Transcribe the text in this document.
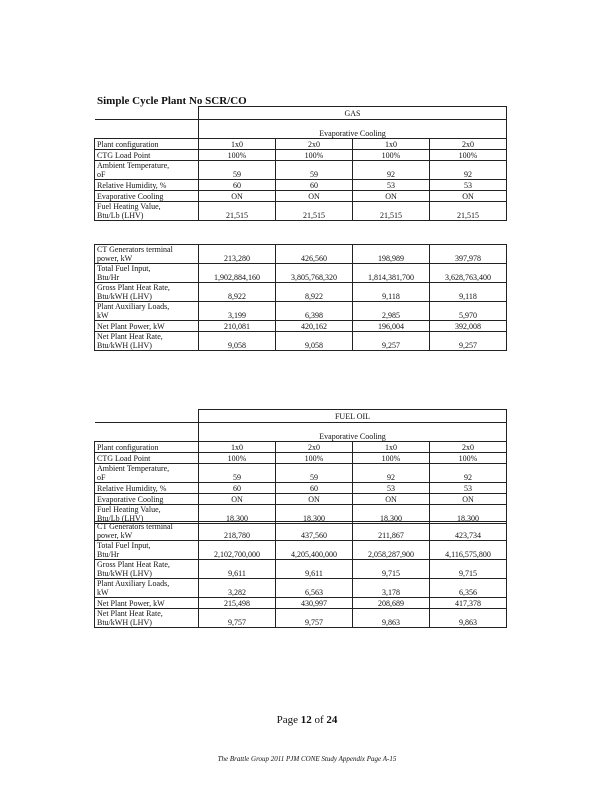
Simple Cycle Plant No SCR/CO
	GAS			
	Evaporative Cooling			
Plant configuration	1x0	2x0	1x0	2x0
CTG Load Point	100%	100%	100%	100%
Ambient Temperature,
oF	59	59	92	92
Relative Humidity, %	60	60	53	53
Evaporative Cooling	ON	ON	ON	ON
Fuel Heating Value,
Btu/Lb (LHV)	21,515	21,515	21,515	21,515
CT Generators terminal
power, kW	213,280	426,560	198,989	397,978
Total Fuel Input,
Btu/Hr	1,902,884,160	3,805,768,320	1,814,381,700	3,628,763,400
Gross Plant Heat Rate,
Btu/kWH (LHV)	8,922	8,922	9,118	9,118
Plant Auxiliary Loads,
kW	3,199	6,398	2,985	5,970
Net Plant Power, kW	210,081	420,162	196,004	392,008
Net Plant Heat Rate,
Btu/kWH (LHV)	9,058	9,058	9,257	9,257
	FUEL OIL			
	Evaporative Cooling			
Plant configuration	1x0	2x0	1x0	2x0
CTG Load Point	100%	100%	100%	100%
Ambient Temperature,
oF	59	59	92	92
Relative Humidity, %	60	60	53	53
Evaporative Cooling	ON	ON	ON	ON
Fuel Heating Value,
Btu/Lb (LHV)	18,300	18,300	18,300	18,300
CT Generators terminal
power, kW	218,780	437,560	211,867	423,734
Total Fuel Input,
Btu/Hr	2,102,700,000	4,205,400,000	2,058,287,900	4,116,575,800
Gross Plant Heat Rate,
Btu/kWH (LHV)	9,611	9,611	9,715	9,715
Plant Auxiliary Loads,
kW	3,282	6,563	3,178	6,356
Net Plant Power, kW	215,498	430,997	208,689	417,378
Net Plant Heat Rate,
Btu/kWH (LHV)	9,757	9,757	9,863	9,863
Page 12 of 24
The Brattle Group 2011 PJM CONE Study Appendix Page A-15
